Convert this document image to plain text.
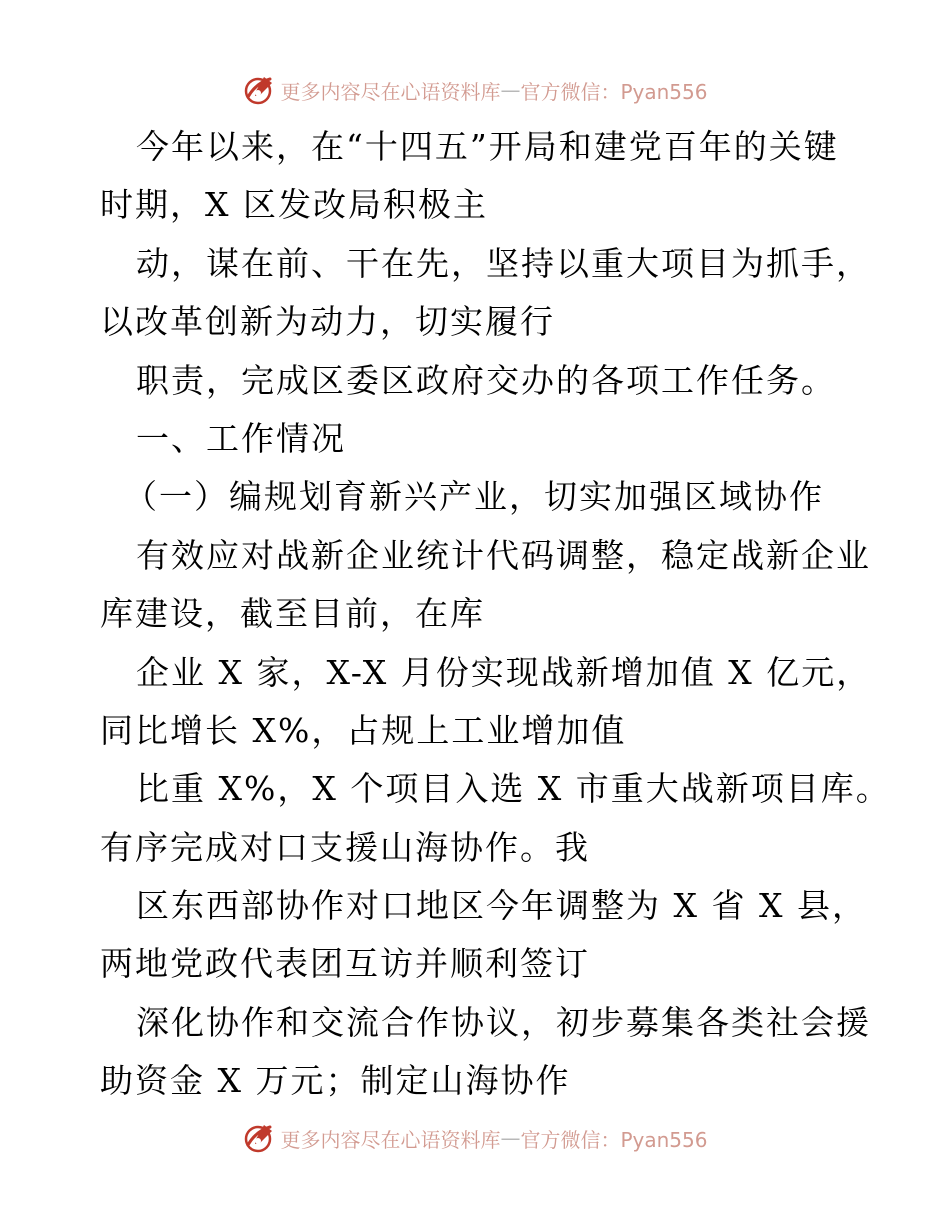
更多内容尽在心语资料库 — 官方微信：Pyan556
今年以来，在“十四五”开局和建党百年的关键
时期，X 区发改局积极主
动，谋在前、干在先，坚持以重大项目为抓手，
以改革创新为动力，切实履行
职责，完成区委区政府交办的各项工作任务。
一、工作情况
（一）编规划育新兴产业，切实加强区域协作
有效应对战新企业统计代码调整，稳定战新企业
库建设，截至目前，在库
企业 X 家，X-X 月份实现战新增加值 X 亿元，
同比增长 X%，占规上工业增加值
比重 X%，X 个项目入选 X 市重大战新项目库。
有序完成对口支援山海协作。我
区东西部协作对口地区今年调整为 X 省 X 县，
两地党政代表团互访并顺利签订
深化协作和交流合作协议，初步募集各类社会援
助资金 X 万元；制定山海协作
更多内容尽在心语资料库 — 官方微信：Pyan556
